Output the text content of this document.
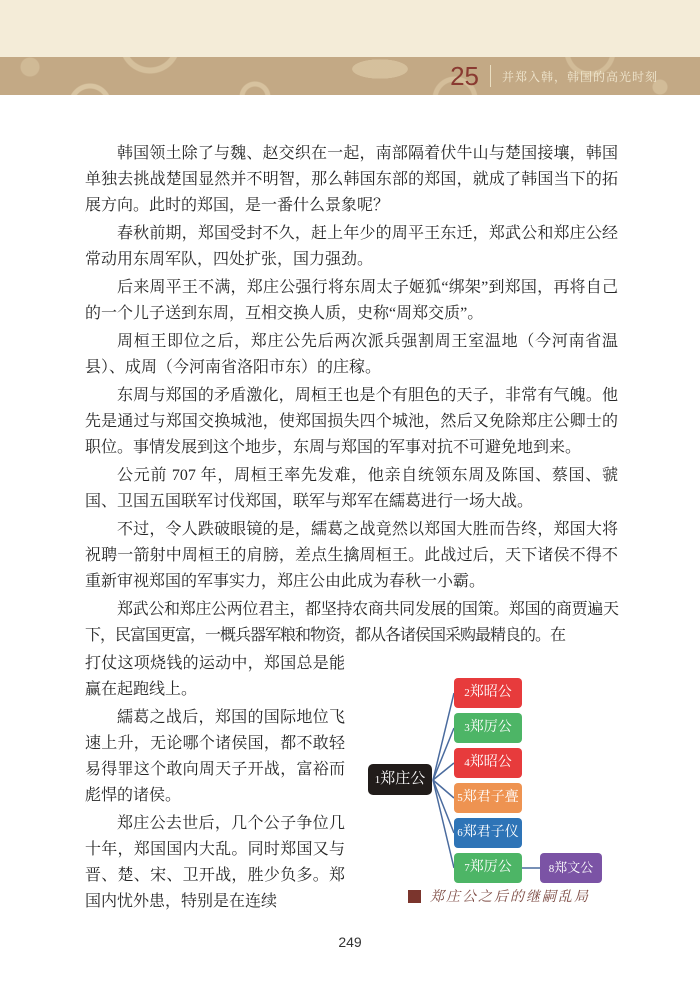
25 并郑入韩，韩国的高光时刻

韩国领土除了与魏、赵交织在一起，南部隔着伏牛山与楚国接壤，韩国单独去挑战楚国显然并不明智，那么韩国东部的郑国，就成了韩国当下的拓展方向。此时的郑国，是一番什么景象呢？

春秋前期，郑国受封不久，赶上年少的周平王东迁，郑武公和郑庄公经常动用东周军队，四处扩张，国力强劲。

后来周平王不满，郑庄公强行将东周太子姬狐“绑架”到郑国，再将自己的一个儿子送到东周，互相交换人质，史称“周郑交质”。

周桓王即位之后，郑庄公先后两次派兵强割周王室温地（今河南省温县）、成周（今河南省洛阳市东）的庄稼。

东周与郑国的矛盾激化，周桓王也是个有胆色的天子，非常有气魄。他先是通过与郑国交换城池，使郑国损失四个城池，然后又免除郑庄公卿士的职位。事情发展到这个地步，东周与郑国的军事对抗不可避免地到来。

公元前 707 年，周桓王率先发难，他亲自统领东周及陈国、蔡国、虢国、卫国五国联军讨伐郑国，联军与郑军在繻葛进行一场大战。

不过，令人跌破眼镜的是，繻葛之战竟然以郑国大胜而告终，郑国大将祝聘一箭射中周桓王的肩膀，差点生擒周桓王。此战过后，天下诸侯不得不重新审视郑国的军事实力，郑庄公由此成为春秋一小霸。

郑武公和郑庄公两位君主，都坚持农商共同发展的国策。郑国的商贾遍天下，民富国更富，一概兵器军粮和物资，都从各诸侯国采购最精良的。在

打仗这项烧钱的运动中，郑国总是能赢在起跑线上。

繻葛之战后，郑国的国际地位飞速上升，无论哪个诸侯国，都不敢轻易得罪这个敢向周天子开战，富裕而彪悍的诸侯。

郑庄公去世后，几个公子争位几十年，郑国国内大乱。同时郑国又与晋、楚、宋、卫开战，胜少负多。郑国内忧外患，特别是在连续

1郑庄公
2郑昭公
3郑厉公
4郑昭公
5郑君子亹
6郑君子仪
7郑厉公	8郑文公
郑庄公之后的继嗣乱局
249
